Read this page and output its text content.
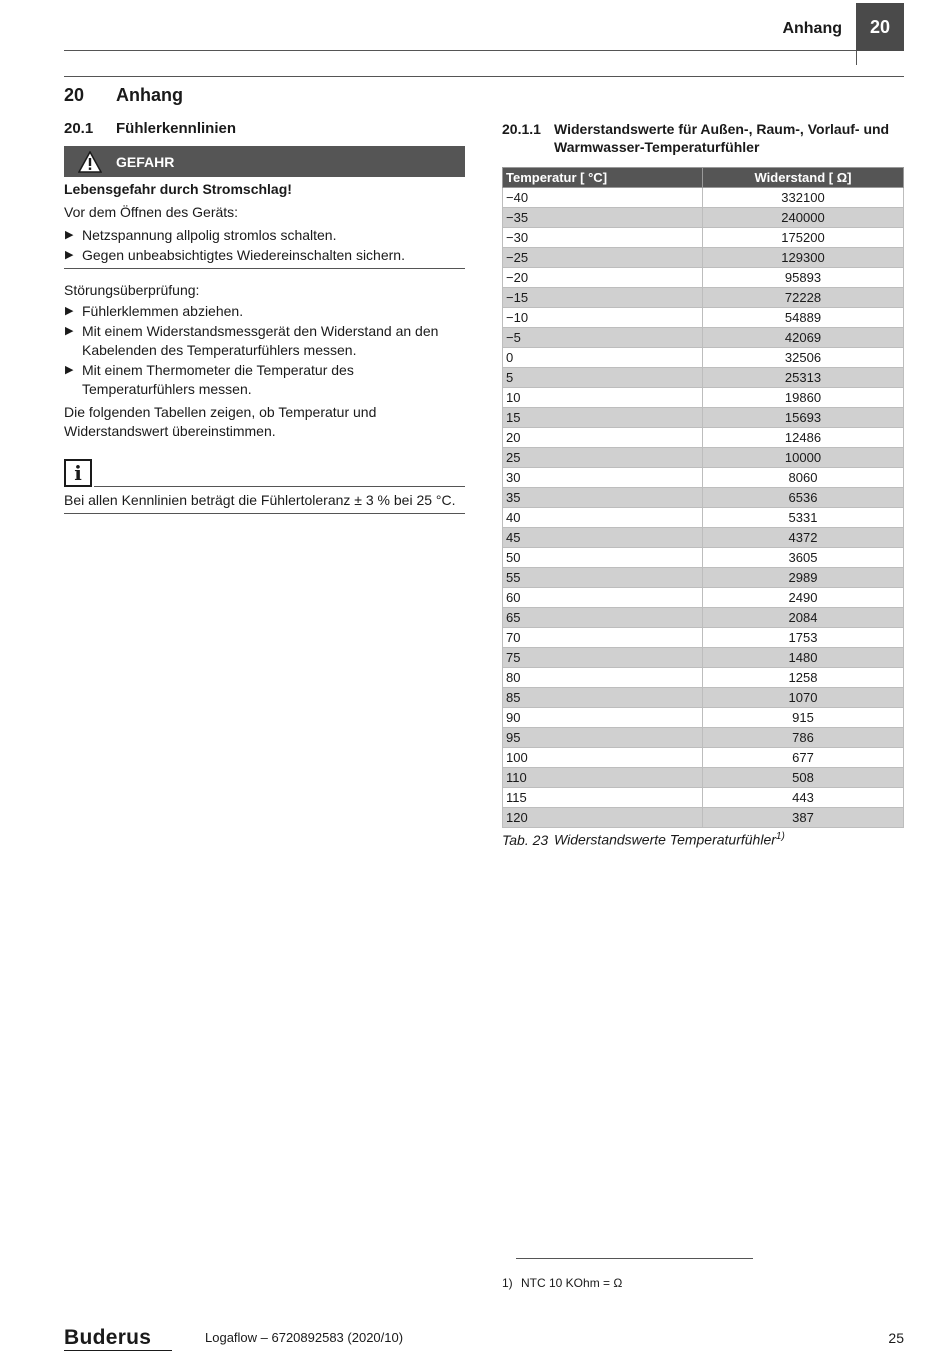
Anhang	20
20 Anhang
20.1 Fühlerkennlinien
GEFAHR
Lebensgefahr durch Stromschlag!
Vor dem Öffnen des Geräts:
▶ Netzspannung allpolig stromlos schalten.
▶ Gegen unbeabsichtigtes Wiedereinschalten sichern.
Störungsüberprüfung:
▶ Fühlerklemmen abziehen.
▶ Mit einem Widerstandsmessgerät den Widerstand an den Kabelenden des Temperaturfühlers messen.
▶ Mit einem Thermometer die Temperatur des Temperaturfühlers messen.
Die folgenden Tabellen zeigen, ob Temperatur und Widerstandswert übereinstimmen.
i
Bei allen Kennlinien beträgt die Fühlertoleranz ± 3 % bei 25 °C.
20.1.1 Widerstandswerte für Außen-, Raum-, Vorlauf- und Warmwasser-Temperaturfühler
Temperatur [ °C]	Widerstand [ Ω]
−40	332100
−35	240000
−30	175200
−25	129300
−20	95893
−15	72228
−10	54889
−5	42069
0	32506
5	25313
10	19860
15	15693
20	12486
25	10000
30	8060
35	6536
40	5331
45	4372
50	3605
55	2989
60	2490
65	2084
70	1753
75	1480
80	1258
85	1070
90	915
95	786
100	677
110	508
115	443
120	387
Tab. 23 Widerstandswerte Temperaturfühler$^{1)}$
1) NTC 10 KOhm = Ω
Buderus	Logaflow – 6720892583 (2020/10)	25
